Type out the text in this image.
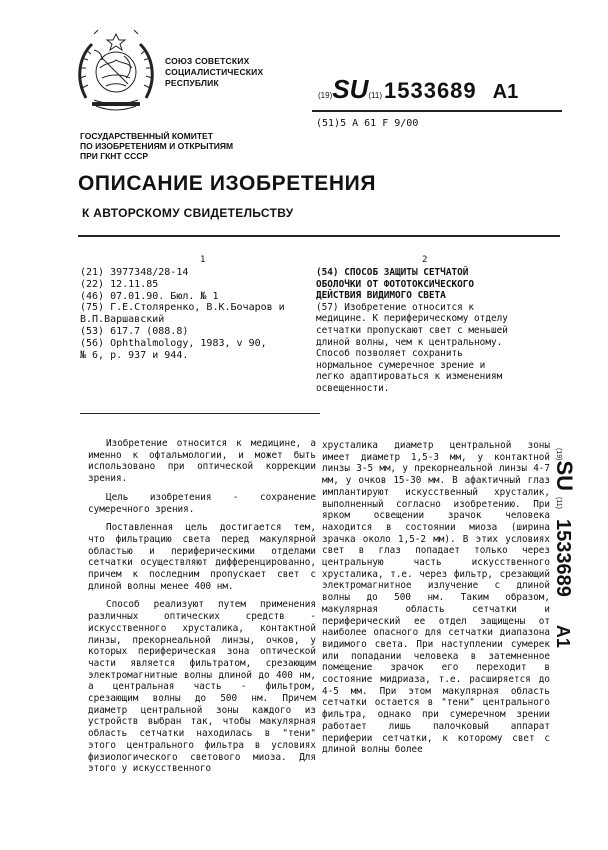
СОЮЗ СОВЕТСКИХ
СОЦИАЛИСТИЧЕСКИХ
РЕСПУБЛИК
(19) SU (11) 1533689 A1
(51)5 А 61 F 9/00
ГОСУДАРСТВЕННЫЙ КОМИТЕТ
ПО ИЗОБРЕТЕНИЯМ И ОТКРЫТИЯМ
ПРИ ГКНТ СССР
ОПИСАНИЕ ИЗОБРЕТЕНИЯ
К АВТОРСКОМУ СВИДЕТЕЛЬСТВУ
1	2
(21) 3977348/28-14
(22) 12.11.85
(46) 07.01.90. Бюл. № 1
(75) Г.Е.Столяренко, В.К.Бочаров и
В.П.Варшавский
(53) 617.7 (088.8)
(56) Ophthalmology, 1983, v 90,
№ 6, p. 937 и 944.
(54) СПОСОБ ЗАЩИТЫ СЕТЧАТОЙ ОБОЛОЧКИ ОТ ФОТОТОКСИЧЕСКОГО ДЕЙСТВИЯ ВИДИМОГО СВЕТА
(57) Изобретение относится к медицине. К периферическому отделу сетчатки пропускают свет с меньшей длиной волны, чем к центральному. Способ позволяет сохранить нормальное сумеречное зрение и легко адаптироваться к изменениям освещенности.

Изобретение относится к медицине, а именно к офтальмологии, и может быть использовано при оптической коррекции зрения.

Цель изобретения - сохранение сумеречного зрения.

Поставленная цель достигается тем, что фильтрацию света перед макулярной областью и периферическими отделами сетчатки осуществляют дифференцированно, причем к последним пропускает свет с длиной волны менее 400 нм.

Способ реализуют путем применения различных оптических средств - искусственного хрусталика, контактной линзы, прекорнеальной линзы, очков, у которых периферическая зона оптической части является фильтратом, срезающим электромагнитные волны длиной до 400 нм, а центральная часть - фильтром, срезающим волны до 500 нм. Причем диаметр центральной зоны каждого из устройств выбран так, чтобы макулярная область сетчатки находилась в "тени" этого центрального фильтра в условиях физиологического светового миоза. Для этого у искусственного

хрусталика диаметр центральной зоны имеет диаметр 1,5-3 мм, у контактной линзы 3-5 мм, у прекорнеальной линзы 4-7 мм, у очков 15-30 мм. В афактичный глаз имплантируют искусственный хрусталик, выполненный согласно изобретению. При ярком освещении зрачок человека находится в состоянии миоза (ширина зрачка около 1,5-2 мм). В этих условиях свет в глаз попадает только через центральную часть искусственного хрусталика, т.е. через фильтр, срезающий электромагнитное излучение с длиной волны до 500 нм. Таким образом, макулярная область сетчатки и периферический ее отдел защищены от наиболее опасного для сетчатки диапазона видимого света. При наступлении сумерек или попадании человека в затемненное помещение зрачок его переходит в состояние мидриаза, т.е. расширяется до 4-5 мм. При этом макулярная область сетчатки остается в "тени" центрального фильтра, однако при сумеречном зрении работает лишь палочковый аппарат периферии сетчатки, к которому свет с длиной волны более

(19)
SU
(11)
1533689
A1
